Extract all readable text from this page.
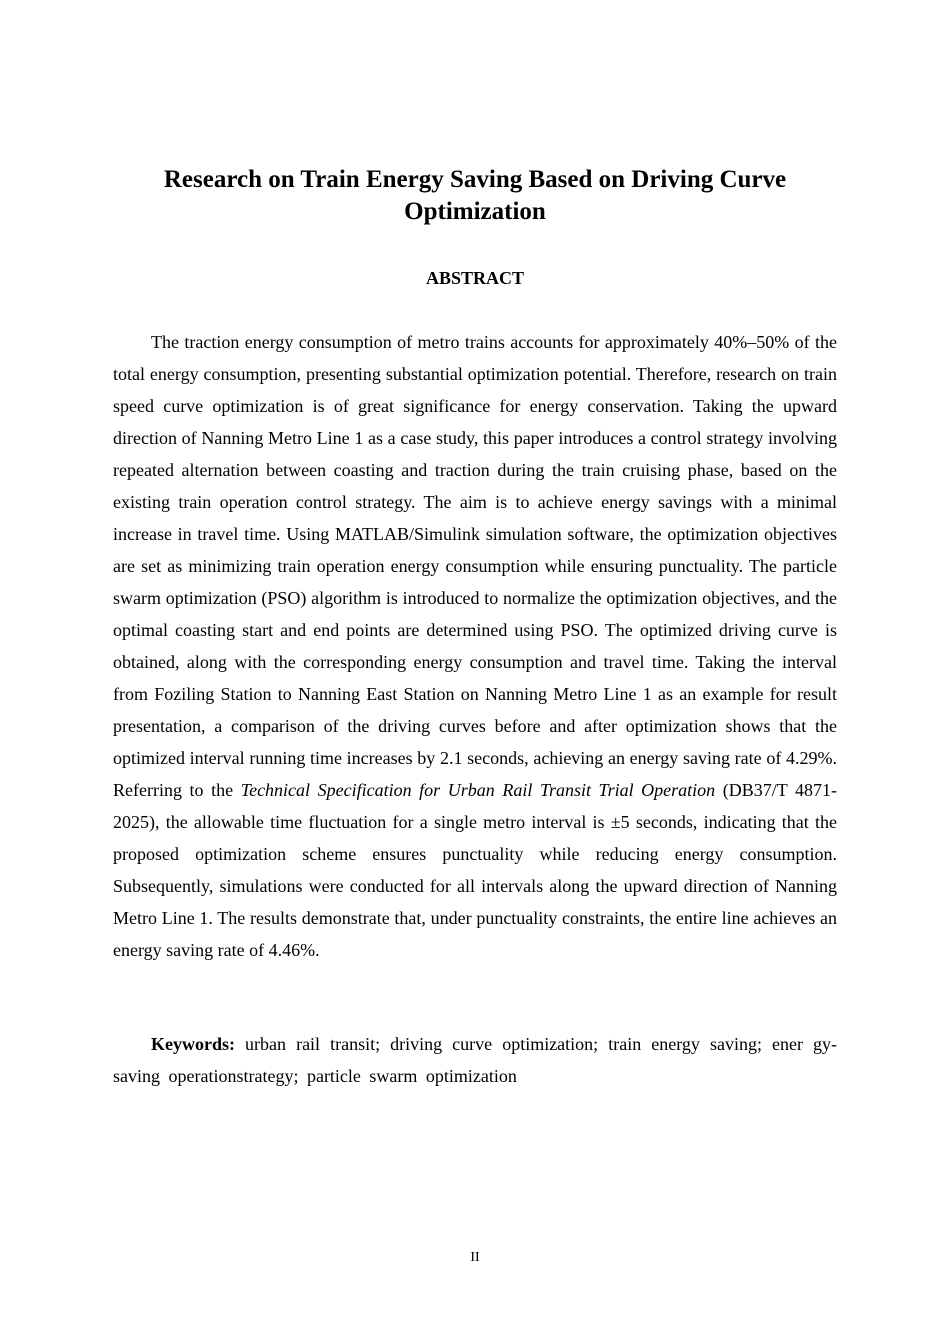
Research on Train Energy Saving Based on Driving Curve Optimization
ABSTRACT

The traction energy consumption of metro trains accounts for approximately 40%–50% of the total energy consumption, presenting substantial optimization potential. Therefore, research on train speed curve optimization is of great significance for energy conservation. Taking the upward direction of Nanning Metro Line 1 as a case study, this paper introduces a control strategy involving repeated alternation between coasting and traction during the train cruising phase, based on the existing train operation control strategy. The aim is to achieve energy savings with a minimal increase in travel time. Using MATLAB/Simulink simulation software, the optimization objectives are set as minimizing train operation energy consumption while ensuring punctuality. The particle swarm optimization (PSO) algorithm is introduced to normalize the optimization objectives, and the optimal coasting start and end points are determined using PSO. The optimized driving curve is obtained, along with the corresponding energy consumption and travel time. Taking the interval from Foziling Station to Nanning East Station on Nanning Metro Line 1 as an example for result presentation, a comparison of the driving curves before and after optimization shows that the optimized interval running time increases by 2.1 seconds, achieving an energy saving rate of 4.29%. Referring to the Technical Specification for Urban Rail Transit Trial Operation (DB37/T 4871-2025), the allowable time fluctuation for a single metro interval is ±5 seconds, indicating that the proposed optimization scheme ensures punctuality while reducing energy consumption. Subsequently, simulations were conducted for all intervals along the upward direction of Nanning Metro Line 1. The results demonstrate that, under punctuality constraints, the entire line achieves an energy saving rate of 4.46%.

Keywords: urban rail transit; driving curve optimization; train energy saving; ener gy-saving operationstrategy; particle swarm optimization

II
